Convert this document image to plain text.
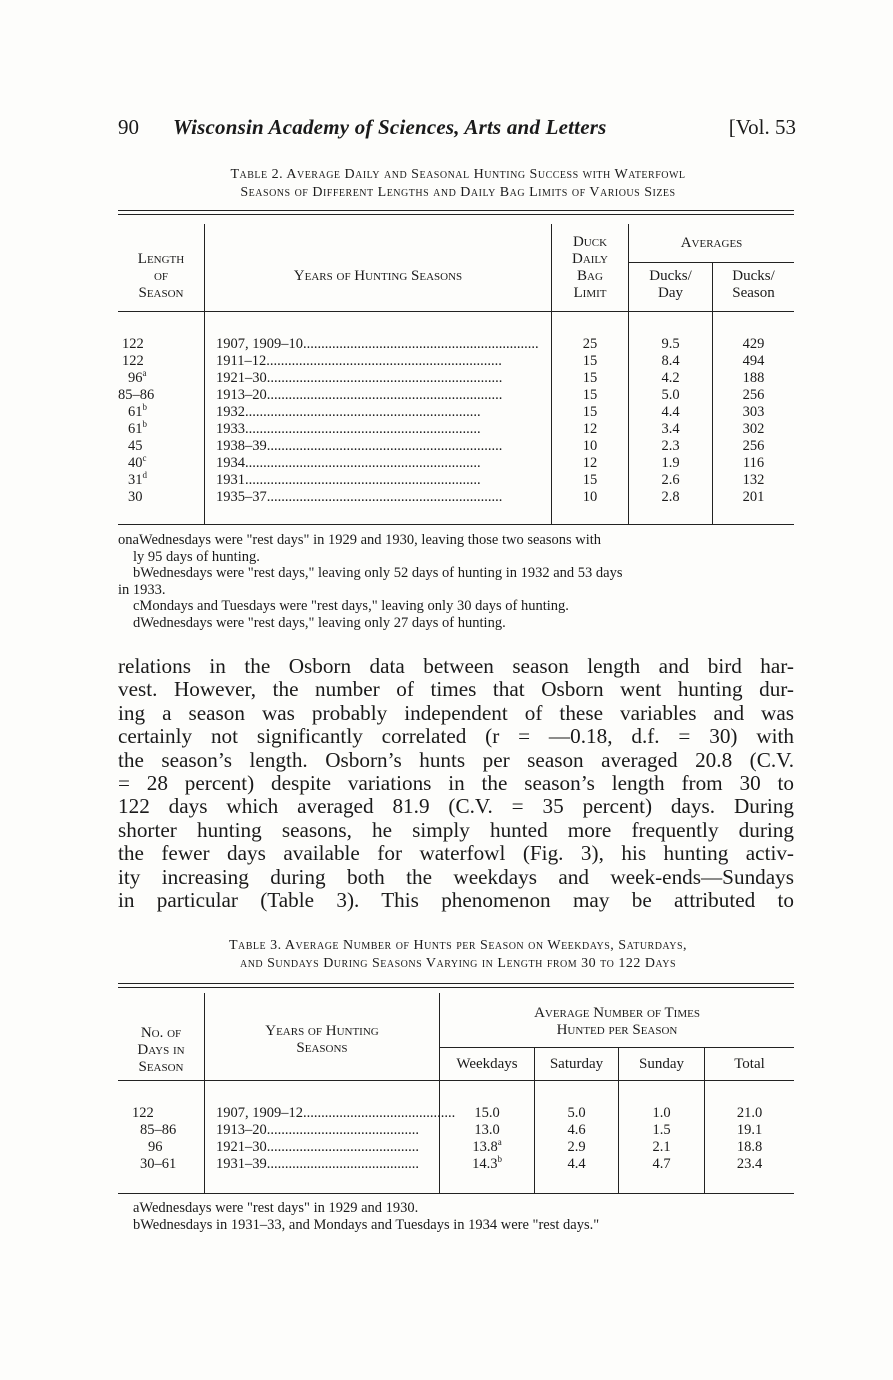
90 Wisconsin Academy of Sciences, Arts and Letters	[Vol. 53
Table 2. Average Daily and Seasonal Hunting Success with Waterfowl
Seasons of Different Lengths and Daily Bag Limits of Various Sizes
Length
of
Season
Years of Hunting Seasons
Duck
Daily
Bag
Limit
Averages
Ducks/
Day
Ducks/
Season
122	1907, 1909–10.................................................................	25	9.5	429
122	1911–12.................................................................	15	8.4	494
96$^a$	1921–30.................................................................	15	4.2	188
85–86	1913–20.................................................................	15	5.0	256
61$^b$	1932.................................................................	15	4.4	303
61$^b$	1933.................................................................	12	3.4	302
45	1938–39.................................................................	10	2.3	256
40$^c$	1934.................................................................	12	1.9	116
31$^d$	1931.................................................................	15	2.6	132
30	1935–37.................................................................	10	2.8	201

onaWednesdays were "rest days" in 1929 and 1930, leaving those two seasons with

ly 95 days of hunting.

bWednesdays were "rest days," leaving only 52 days of hunting in 1932 and 53 days

in 1933.

cMondays and Tuesdays were "rest days," leaving only 30 days of hunting.

dWednesdays were "rest days," leaving only 27 days of hunting.

relations in the Osborn data between season length and bird har-

vest. However, the number of times that Osborn went hunting dur-

ing a season was probably independent of these variables and was

certainly not significantly correlated (r = —0.18, d.f. = 30) with

the season’s length. Osborn’s hunts per season averaged 20.8 (C.V.

= 28 percent) despite variations in the season’s length from 30 to

122 days which averaged 81.9 (C.V. = 35 percent) days. During

shorter hunting seasons, he simply hunted more frequently during

the fewer days available for waterfowl (Fig. 3), his hunting activ-

ity increasing during both the weekdays and week-ends—Sundays

in particular (Table 3). This phenomenon may be attributed to

Table 3. Average Number of Hunts per Season on Weekdays, Saturdays,
and Sundays During Seasons Varying in Length from 30 to 122 Days
No. of
Days in
Season
Years of Hunting
Seasons
Average Number of Times
Hunted per Season
Weekdays	Saturday	Sunday	Total
122	1907, 1909–12..........................................	15.0	5.0	1.0	21.0
85–86	1913–20..........................................	13.0	4.6	1.5	19.1
96	1921–30..........................................	13.8$^a$	2.9	2.1	18.8
30–61	1931–39..........................................	14.3$^b$	4.4	4.7	23.4

aWednesdays were "rest days" in 1929 and 1930.

bWednesdays in 1931–33, and Mondays and Tuesdays in 1934 were "rest days."
